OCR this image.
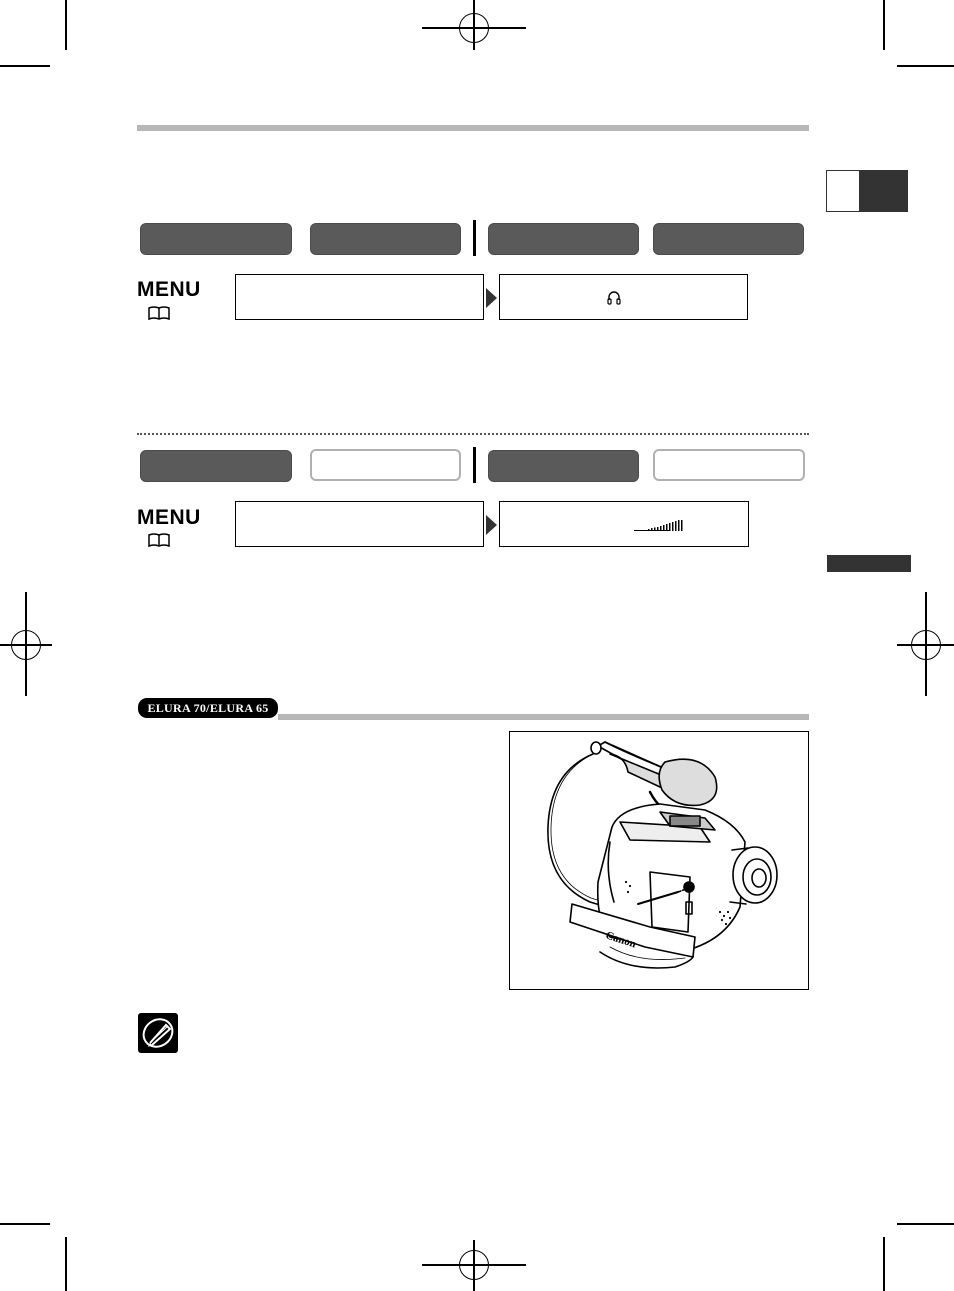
MENU
MENU
ELURA 70/ELURA 65
Canon
